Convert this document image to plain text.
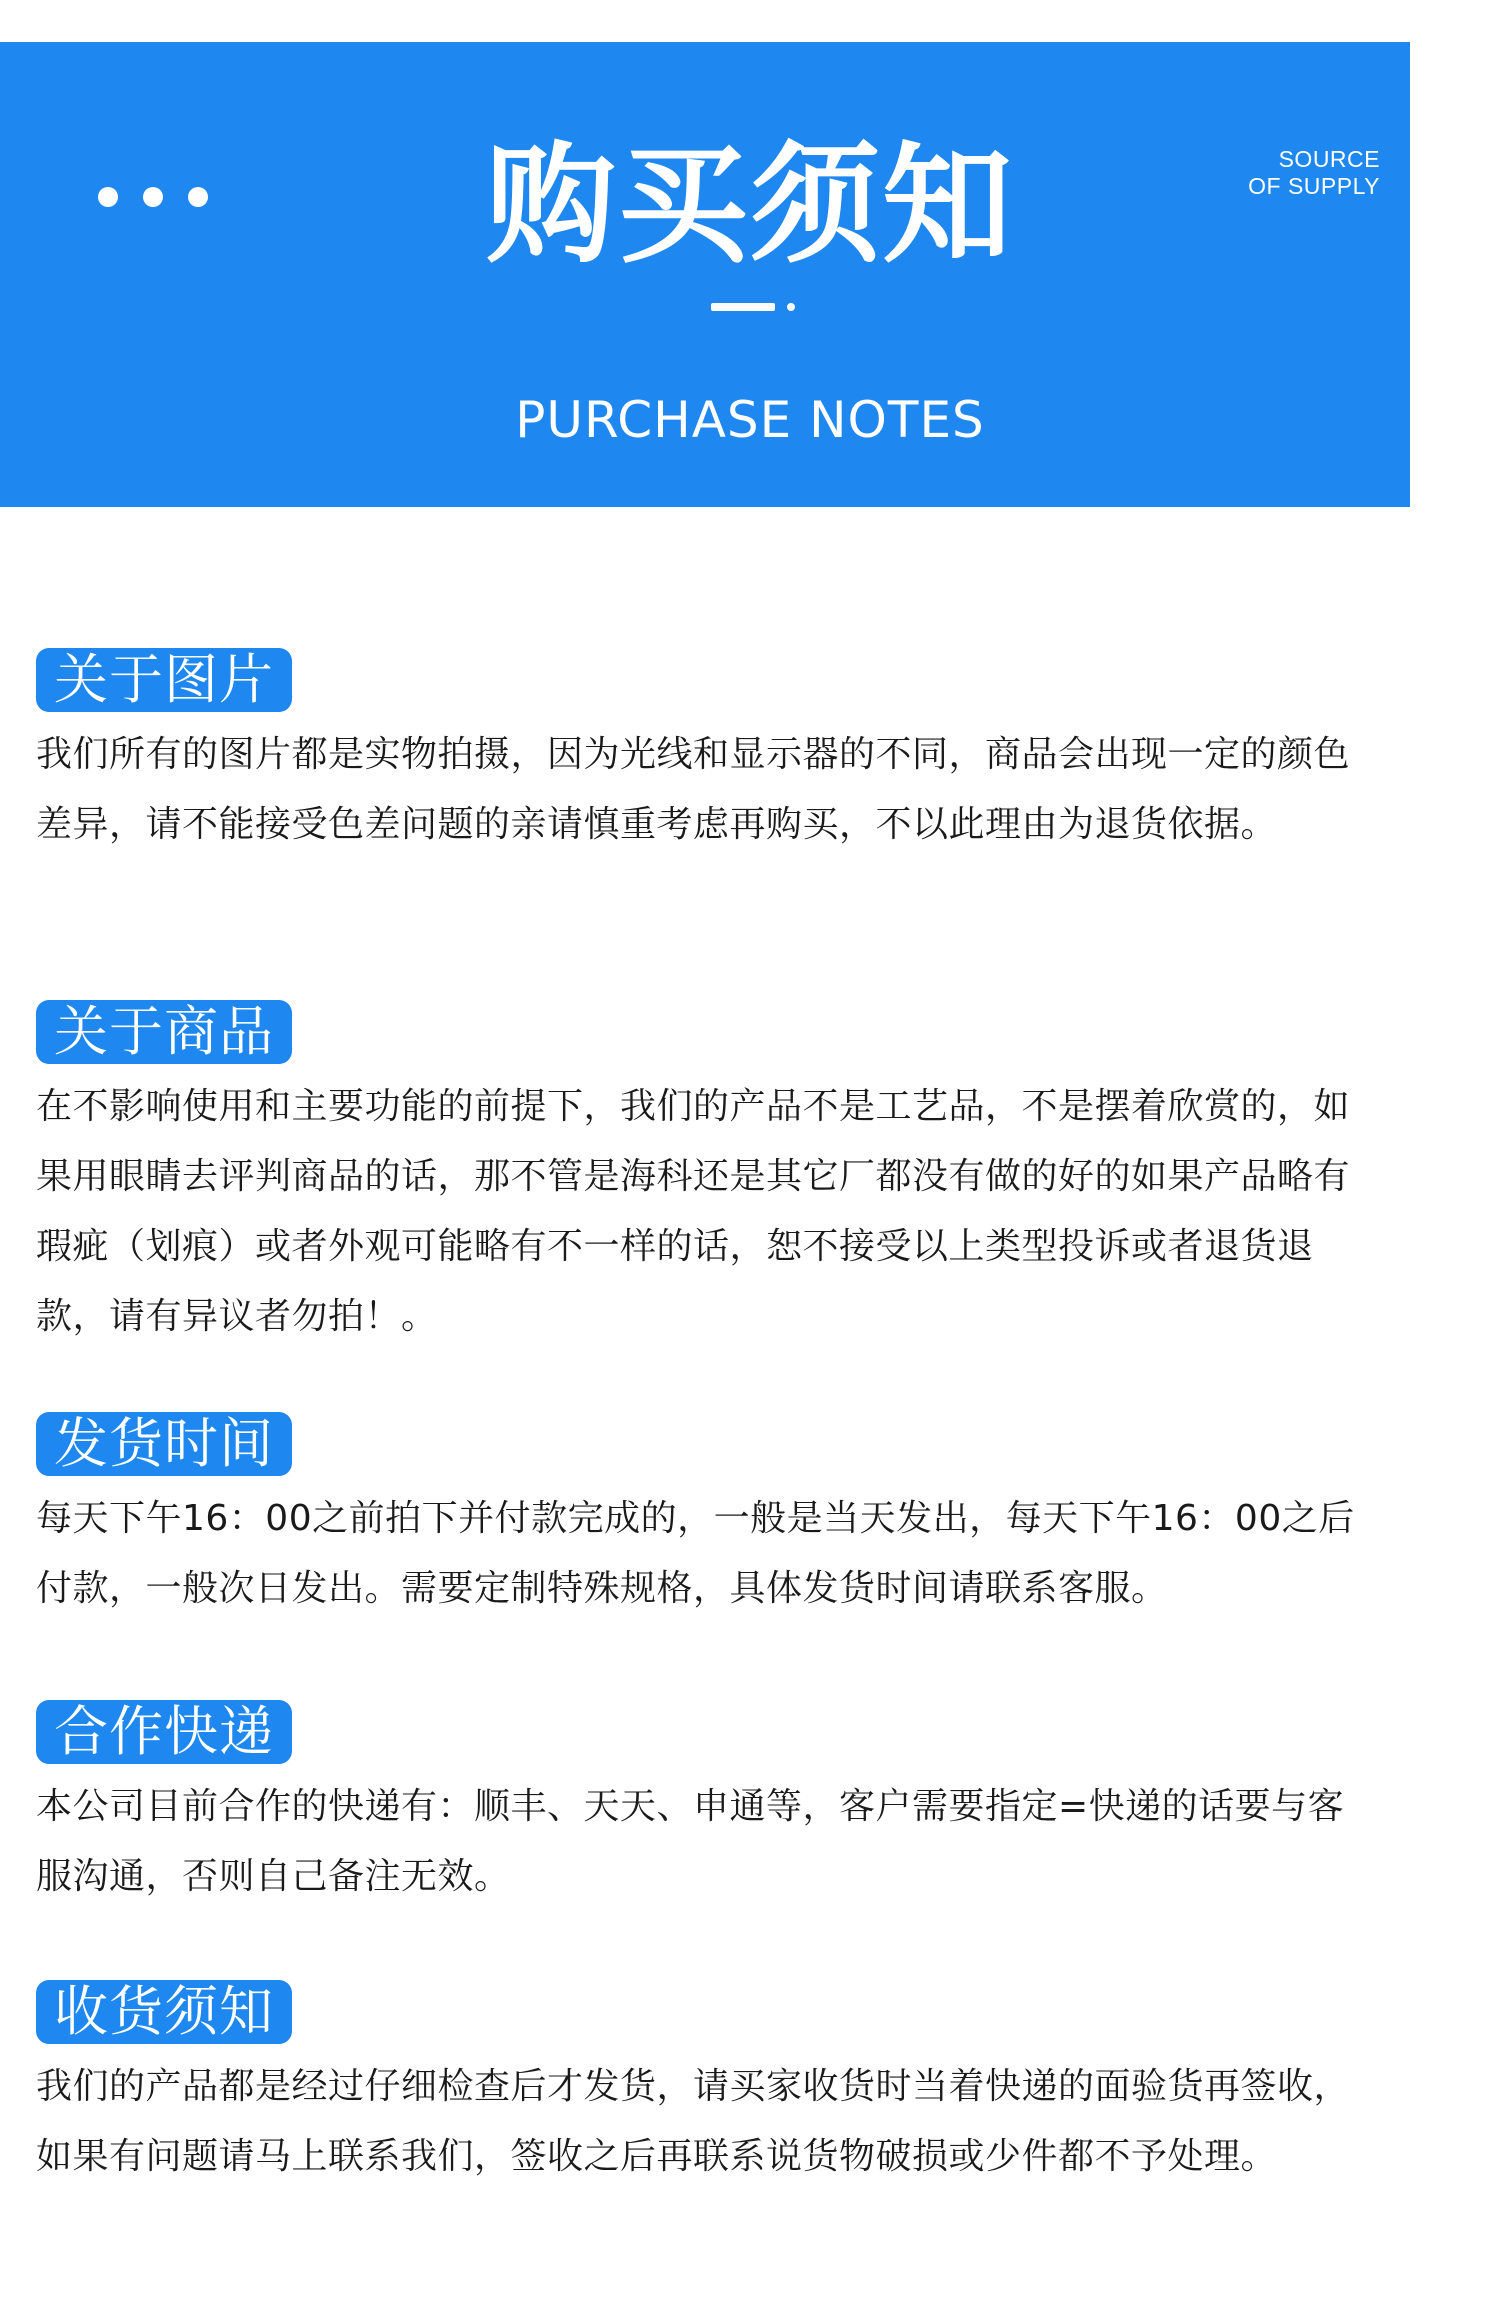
SOURCE
OF SUPPLY
购买须知
PURCHASE NOTES
关于图片

我们所有的图片都是实物拍摄，因为光线和显示器的不同，商品会出现一定的颜色差异，请不能接受色差问题的亲请慎重考虑再购买，不以此理由为退货依据。

关于商品

在不影响使用和主要功能的前提下，我们的产品不是工艺品，不是摆着欣赏的，如果用眼睛去评判商品的话，那不管是海科还是其它厂都没有做的好的如果产品略有瑕疵（划痕）或者外观可能略有不一样的话，恕不接受以上类型投诉或者退货退款，请有异议者勿拍！。

发货时间

每天下午16：00之前拍下并付款完成的，一般是当天发出，每天下午16：00之后付款，一般次日发出。需要定制特殊规格，具体发货时间请联系客服。

合作快递

本公司目前合作的快递有：顺丰、天天、申通等，客户需要指定=快递的话要与客服沟通，否则自己备注无效。

收货须知

我们的产品都是经过仔细检查后才发货，请买家收货时当着快递的面验货再签收，如果有问题请马上联系我们，签收之后再联系说货物破损或少件都不予处理。
